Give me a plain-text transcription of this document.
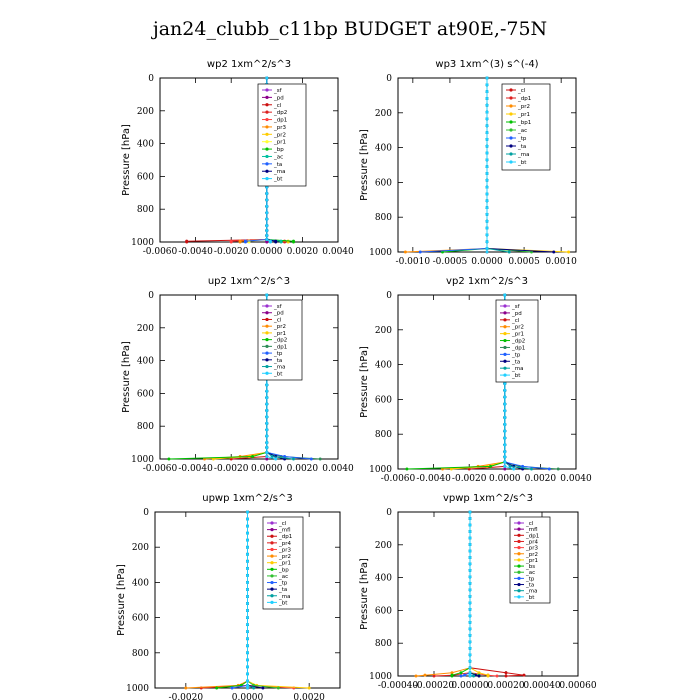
jan24_clubb_c11bp BUDGET at90E,-75N
wp2 1xm^2/s^3
Pressure [hPa]
0
200
400
600
800
1000
-0.0060 -0.0040 -0.0020 0.0000 0.0020 0.0040
_sf
_pd
_cl
_dp2
_dp1
_pr3
_pr2
_pr1
_bp
_ac
_ta
_ma
_bt
wp3 1xm^(3) s^(-4)
Pressure [hPa]
0
200
400
600
800
1000
-0.0010 -0.0005 0.0000 0.0005 0.0010
_cl
_dp1
_pr2
_pr1
_bp1
_ac
_tp
_ta
_ma
_bt
up2 1xm^2/s^3
Pressure [hPa]
0
200
400
600
800
1000
-0.0060 -0.0040 -0.0020 0.0000 0.0020 0.0040
_sf
_pd
_cl
_pr2
_pr1
_dp2
_dp1
_tp
_ta
_ma
_bt
vp2 1xm^2/s^3
Pressure [hPa]
0
200
400
600
800
1000
-0.0060 -0.0040 -0.0020 0.0000 0.0020 0.0040
_sf
_pd
_cl
_pr2
_pr1
_dp2
_dp1
_tp
_ta
_ma
_bt
upwp 1xm^2/s^3
Pressure [hPa]
0
200
400
600
800
1000
-0.0020	0.0000	0.0020
_cl
_mfl
_dp1
_pr4
_pr3
_pr2
_pr1
_bp
_ac
_tp
_ta
_ma
_bt
vpwp 1xm^2/s^3
Pressure [hPa]
0
200
400
600
800
1000
-0.00040
-0.00020
0.00000
0.00020
0.00040
0.00060
_cl
_mfl
_dp1
_pr4
_pr3
_pr2
_pr1
_bs
_ac
_tp
_ta
_ma
_bt
